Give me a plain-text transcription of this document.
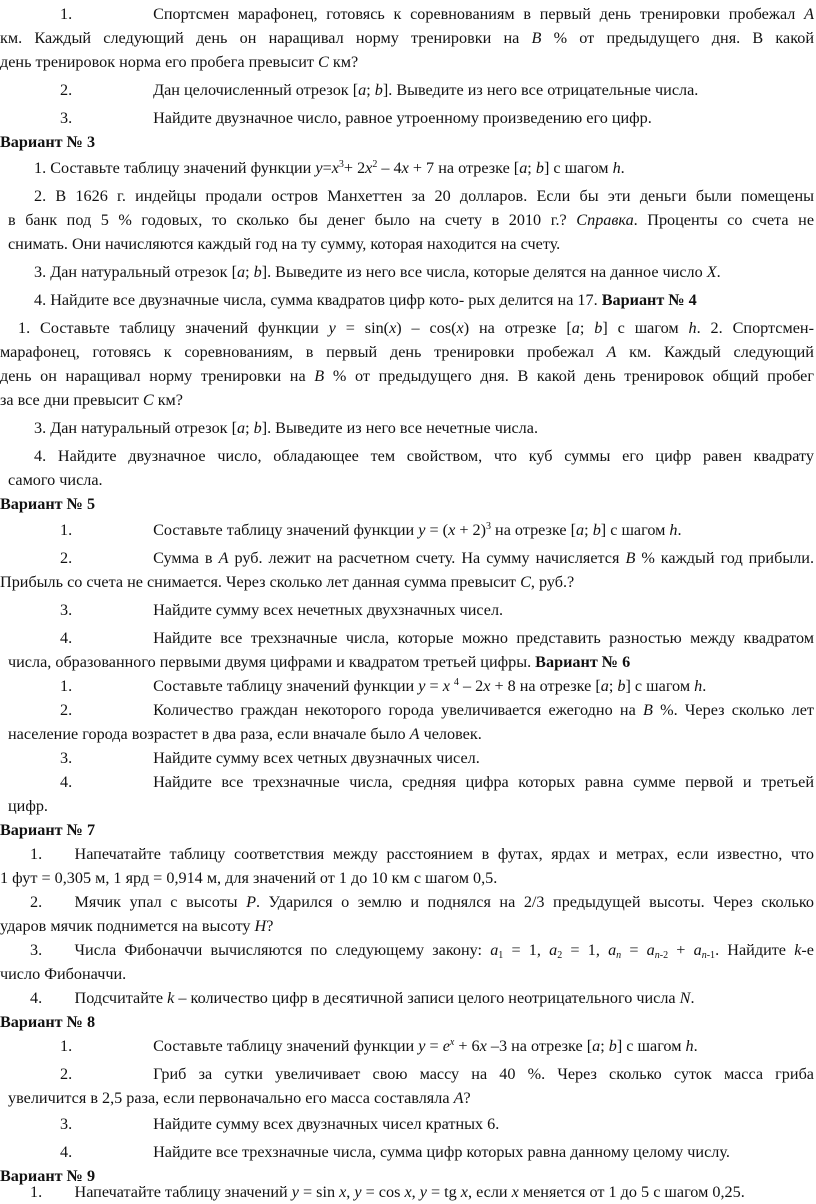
1.     Спортсмен марафонец, готовясь к соревнованиям в первый день тренировки пробежал A
км. Каждый следующий день он наращивал норму тренировки на B % от предыдущего дня. В какой
день тренировок норма его пробега превысит C км?
2.     Дан целочисленный отрезок [a; b]. Выведите из него все отрицательные числа.
3.     Найдите двузначное число, равное утроенному произведению его цифр.
Вариант № 3
1. Составьте таблицу значений функции $y=x^3+ 2x^2 - 4x + 7$ на отрезке [a; b] с шагом h.
2. В 1626 г. индейцы продали остров Манхеттен за 20 долларов. Если бы эти деньги были помещены
в банк под 5 % годовых, то сколько бы денег было на счету в 2010 г.? Справка. Проценты со счета не
снимать. Они начисляются каждый год на ту сумму, которая находится на счету.
3. Дан натуральный отрезок [a; b]. Выведите из него все числа, которые делятся на данное число X.
4. Найдите все двузначные числа, сумма квадратов цифр кото- рых делится на 17. Вариант № 4
1. Составьте таблицу значений функции y = sin(x) – cos(x) на отрезке [a; b] с шагом h. 2. Спортсмен-
марафонец, готовясь к соревнованиям, в первый день тренировки пробежал A км. Каждый следующий
день он наращивал норму тренировки на B % от предыдущего дня. В какой день тренировок общий пробег
за все дни превысит C км?
3. Дан натуральный отрезок [a; b]. Выведите из него все нечетные числа.
4. Найдите двузначное число, обладающее тем свойством, что куб суммы его цифр равен квадрату
самого числа.
Вариант № 5
1.     Составьте таблицу значений функции $y = (x + 2)^3$ на отрезке [a; b] с шагом h.
2.     Сумма в A руб. лежит на расчетном счету. На сумму начисляется B % каждый год прибыли.
Прибыль со счета не снимается. Через сколько лет данная сумма превысит C, руб.?
3.     Найдите сумму всех нечетных двухзначных чисел.
4.     Найдите все трехзначные числа, которые можно представить разностью между квадратом
числа, образованного первыми двумя цифрами и квадратом третьей цифры. Вариант № 6
1.     Составьте таблицу значений функции y = x $^4$ – 2x + 8 на отрезке [a; b] с шагом h.
2.     Количество граждан некоторого города увеличивается ежегодно на B %. Через сколько лет
население города возрастет в два раза, если вначале было A человек.
3.     Найдите сумму всех четных двузначных чисел.
4.     Найдите все трехзначные числа, средняя цифра которых равна сумме первой и третьей
цифр.
Вариант № 7
1.  Напечатайте таблицу соответствия между расстоянием в футах, ярдах и метрах, если известно, что
1 фут = 0,305 м, 1 ярд = 0,914 м, для значений от 1 до 10 км с шагом 0,5.
2.  Мячик упал с высоты P. Ударился о землю и поднялся на 2/3 предыдущей высоты. Через сколько
ударов мячик поднимется на высоту H?
3.  Числа Фибоначчи вычисляются по следующему закону: $a_1 = 1$, $a_2 = 1$, $a_n = a_{n-2} + a_{n-1}$. Найдите k-е
число Фибоначчи.
4.  Подсчитайте k – количество цифр в десятичной записи целого неотрицательного числа N.
Вариант № 8
1.     Составьте таблицу значений функции $y = e^x + 6x$ –3 на отрезке [a; b] с шагом h.
2.     Гриб за сутки увеличивает свою массу на 40 %. Через сколько суток масса гриба
увеличится в 2,5 раза, если первоначально его масса составляла A?
3.     Найдите сумму всех двузначных чисел кратных 6.
4.     Найдите все трехзначные числа, сумма цифр которых равна данному целому числу.
Вариант № 9
1.  Напечатайте таблицу значений y = sin x, y = cos x, y = tg x, если x меняется от 1 до 5 с шагом 0,25.
